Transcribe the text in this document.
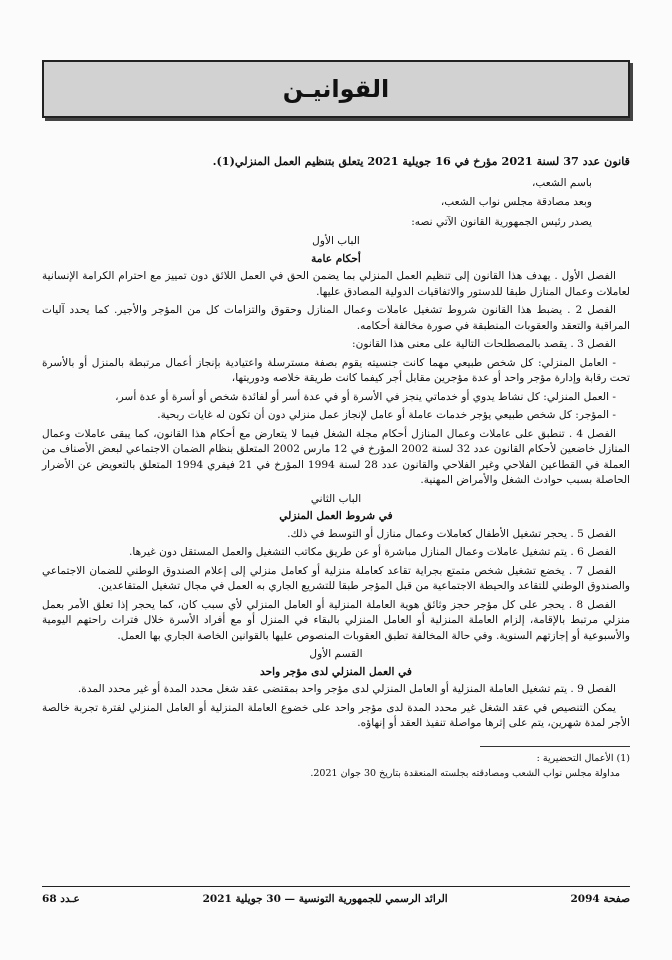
القوانيـن
قانون عدد 37 لسنة 2021 مؤرخ في 16 جويلية 2021 يتعلق بتنظيم العمل المنزلي(1).

باسم الشعب،

وبعد مصادقة مجلس نواب الشعب،

يصدر رئيس الجمهورية القانون الآتي نصه:

الباب الأول
أحكام عامة

الفصل الأول . يهدف هذا القانون إلى تنظيم العمل المنزلي بما يضمن الحق في العمل اللائق دون تمييز مع احترام الكرامة الإنسانية لعاملات وعمال المنازل طبقا للدستور والاتفاقيات الدولية المصادق عليها.

الفصل 2 . يضبط هذا القانون شروط تشغيل عاملات وعمال المنازل وحقوق والتزامات كل من المؤجر والأجير. كما يحدد آليات المراقبة والتعقد والعقوبات المنطبقة في صورة مخالفة أحكامه.

الفصل 3 . يقصد بالمصطلحات التالية على معنى هذا القانون:

- العامل المنزلي: كل شخص طبيعي مهما كانت جنسيته يقوم بصفة مسترسلة واعتيادية بإنجاز أعمال مرتبطة بالمنزل أو بالأسرة تحت رقابة وإدارة مؤجر واحد أو عدة مؤجرين مقابل أجر كيفما كانت طريقة خلاصه ودوريتها،

- العمل المنزلي: كل نشاط يدوي أو خدماتي ينجز في الأسرة أو في عدة أسر أو لفائدة شخص أو أسرة أو عدة أسر،

- المؤجر: كل شخص طبيعي يؤجر خدمات عاملة أو عامل لإنجاز عمل منزلي دون أن تكون له غايات ربحية.

الفصل 4 . تنطبق على عاملات وعمال المنازل أحكام مجلة الشغل فيما لا يتعارض مع أحكام هذا القانون، كما يبقى عاملات وعمال المنازل خاضعين لأحكام القانون عدد 32 لسنة 2002 المؤرخ في 12 مارس 2002 المتعلق بنظام الضمان الاجتماعي لبعض الأصناف من العملة في القطاعين الفلاحي وغير الفلاحي والقانون عدد 28 لسنة 1994 المؤرخ في 21 فيفري 1994 المتعلق بالتعويض عن الأضرار الحاصلة بسبب حوادث الشغل والأمراض المهنية.

الباب الثاني
في شروط العمل المنزلي

الفصل 5 . يحجر تشغيل الأطفال كعاملات وعمال منازل أو التوسط في ذلك.

الفصل 6 . يتم تشغيل عاملات وعمال المنازل مباشرة أو عن طريق مكاتب التشغيل والعمل المستقل دون غيرها.

الفصل 7 . يخضع تشغيل شخص متمتع بجراية تقاعد كعاملة منزلية أو كعامل منزلي إلى إعلام الصندوق الوطني للضمان الاجتماعي والصندوق الوطني للتقاعد والحيطة الاجتماعية من قبل المؤجر طبقا للتشريع الجاري به العمل في مجال تشغيل المتقاعدين.

الفصل 8 . يحجر على كل مؤجر حجز وثائق هوية العاملة المنزلية أو العامل المنزلي لأي سبب كان، كما يحجر إذا تعلق الأمر بعمل منزلي مرتبط بالإقامة، إلزام العاملة المنزلية أو العامل المنزلي بالبقاء في المنزل أو مع أفراد الأسرة خلال فترات راحتهم اليومية والأسبوعية أو إجازتهم السنوية. وفي حالة المخالفة تطبق العقوبات المنصوص عليها بالقوانين الخاصة الجاري بها العمل.

القسم الأول
في العمل المنزلي لدى مؤجر واحد

الفصل 9 . يتم تشغيل العاملة المنزلية أو العامل المنزلي لدى مؤجر واحد بمقتضى عقد شغل محدد المدة أو غير محدد المدة.

يمكن التنصيص في عقد الشغل غير محدد المدة لدى مؤجر واحد على خضوع العاملة المنزلية أو العامل المنزلي لفترة تجربة خالصة الأجر لمدة شهرين، يتم على إثرها مواصلة تنفيذ العقد أو إنهاؤه.

(1) الأعمال التحضيرية :

مداولة مجلس نواب الشعب ومصادقته بجلسته المنعقدة بتاريخ 30 جوان 2021.

صفحة 2094
الرائد الرسمي للجمهورية التونسية — 30 جويلية 2021
عـدد 68
